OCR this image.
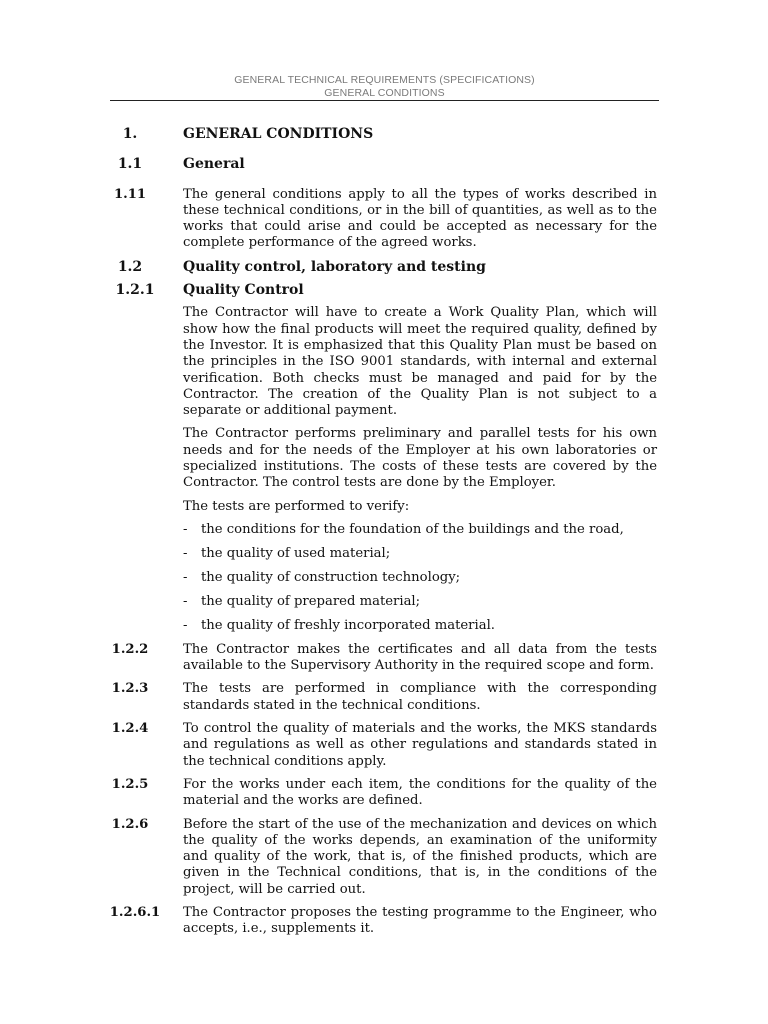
GENERAL TECHNICAL REQUIREMENTS (SPECIFICATIONS)
GENERAL CONDITIONS
1.	GENERAL CONDITIONS
1.1	General
1.11	The general conditions apply to all the types of works described in these technical conditions, or in the bill of quantities, as well as to the works that could arise and could be accepted as necessary for the complete performance of the agreed works.
1.2	Quality control, laboratory and testing
1.2.1	Quality Control
The Contractor will have to create a Work Quality Plan, which will show how the final products will meet the required quality, defined by the Investor. It is emphasized that this Quality Plan must be based on the principles in the ISO 9001 standards, with internal and external verification. Both checks must be managed and paid for by the Contractor. The creation of the Quality Plan is not subject to a separate or additional payment.
The Contractor performs preliminary and parallel tests for his own needs and for the needs of the Employer at his own laboratories or specialized institutions. The costs of these tests are covered by the Contractor. The control tests are done by the Employer.
The tests are performed to verify:
- the conditions for the foundation of the buildings and the road,
- the quality of used material;
- the quality of construction technology;
- the quality of prepared material;
- the quality of freshly incorporated material.
1.2.2	The Contractor makes the certificates and all data from the tests available to the Supervisory Authority in the required scope and form.
1.2.3	The tests are performed in compliance with the corresponding standards stated in the technical conditions.
1.2.4	To control the quality of materials and the works, the MKS standards and regulations as well as other regulations and standards stated in the technical conditions apply.
1.2.5	For the works under each item, the conditions for the quality of the material and the works are defined.
1.2.6	Before the start of the use of the mechanization and devices on which the quality of the works depends, an examination of the uniformity and quality of the work, that is, of the finished products, which are given in the Technical conditions, that is, in the conditions of the project, will be carried out.
1.2.6.1	The Contractor proposes the testing programme to the Engineer, who accepts, i.e., supplements it.
